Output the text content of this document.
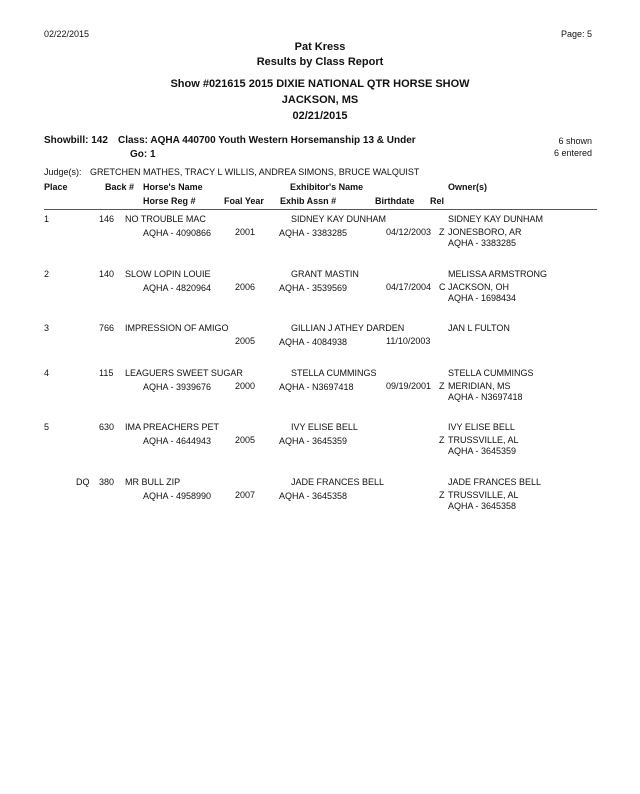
02/22/2015	Page: 5
Pat Kress
Results by Class Report
Show #021615 2015 DIXIE NATIONAL QTR HORSE SHOW
JACKSON, MS
02/21/2015
Showbill: 142 Class: AQHA 440700 Youth Western Horsemanship 13 & Under
Go: 1
6 shown
6 entered
Judge(s): GRETCHEN MATHES, TRACY L WILLIS, ANDREA SIMONS, BRUCE WALQUIST
Place	Back # Horse's Name	Exhibitor's Name	Owner(s)
Horse Reg #	Foal Year Exhib Assn #	Birthdate Rel
1	146 NO TROUBLE MAC	SIDNEY KAY DUNHAM	SIDNEY KAY DUNHAM
AQHA - 4090866	2001	AQHA - 3383285	04/12/2003 Z JONESBORO, AR
AQHA - 3383285
2	140 SLOW LOPIN LOUIE	GRANT MASTIN	MELISSA ARMSTRONG
AQHA - 4820964	2006	AQHA - 3539569	04/17/2004 C JACKSON, OH
AQHA - 1698434
3	766 IMPRESSION OF AMIGO	GILLIAN J ATHEY DARDEN	JAN L FULTON
2005	AQHA - 4084938	11/10/2003
4	115 LEAGUERS SWEET SUGAR	STELLA CUMMINGS	STELLA CUMMINGS
AQHA - 3939676	2000	AQHA - N3697418	09/19/2001 Z MERIDIAN, MS
AQHA - N3697418
5	630 IMA PREACHERS PET	IVY ELISE BELL	IVY ELISE BELL
AQHA - 4644943	2005	AQHA - 3645359	Z TRUSSVILLE, AL
AQHA - 3645359
DQ 380 MR BULL ZIP	JADE FRANCES BELL	JADE FRANCES BELL
AQHA - 4958990	2007	AQHA - 3645358	Z TRUSSVILLE, AL
AQHA - 3645358
